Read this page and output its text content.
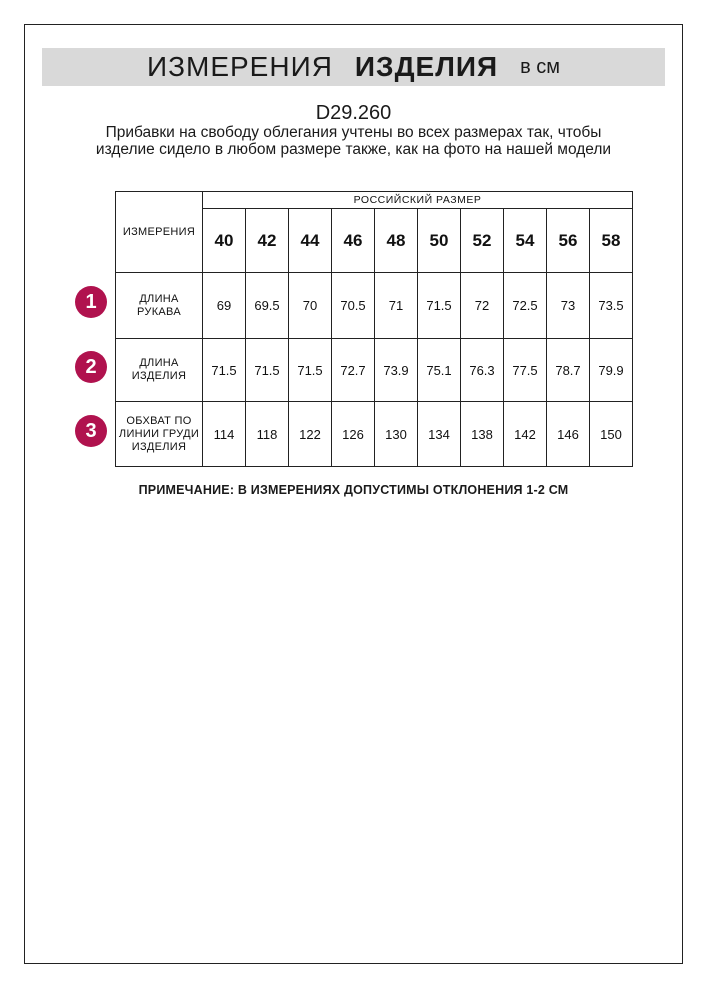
ИЗМЕРЕНИЯ ИЗДЕЛИЯ в см
D29.260
Прибавки на свободу облегания учтены во всех размерах так, чтобы изделие сидело в любом размере также, как на фото на нашей модели
ИЗМЕРЕНИЯ	РОССИЙСКИЙ РАЗМЕР									
	40	42	44	46	48	50	52	54	56	58
ДЛИНА РУКАВА	69	69.5	70	70.5	71	71.5	72	72.5	73	73.5
ДЛИНА ИЗДЕЛИЯ	71.5	71.5	71.5	72.7	73.9	75.1	76.3	77.5	78.7	79.9
ОБХВАТ ПО ЛИНИИ ГРУДИ ИЗДЕЛИЯ	114	118	122	126	130	134	138	142	146	150
1
2
3
ПРИМЕЧАНИЕ: В ИЗМЕРЕНИЯХ ДОПУСТИМЫ ОТКЛОНЕНИЯ 1-2 СМ
